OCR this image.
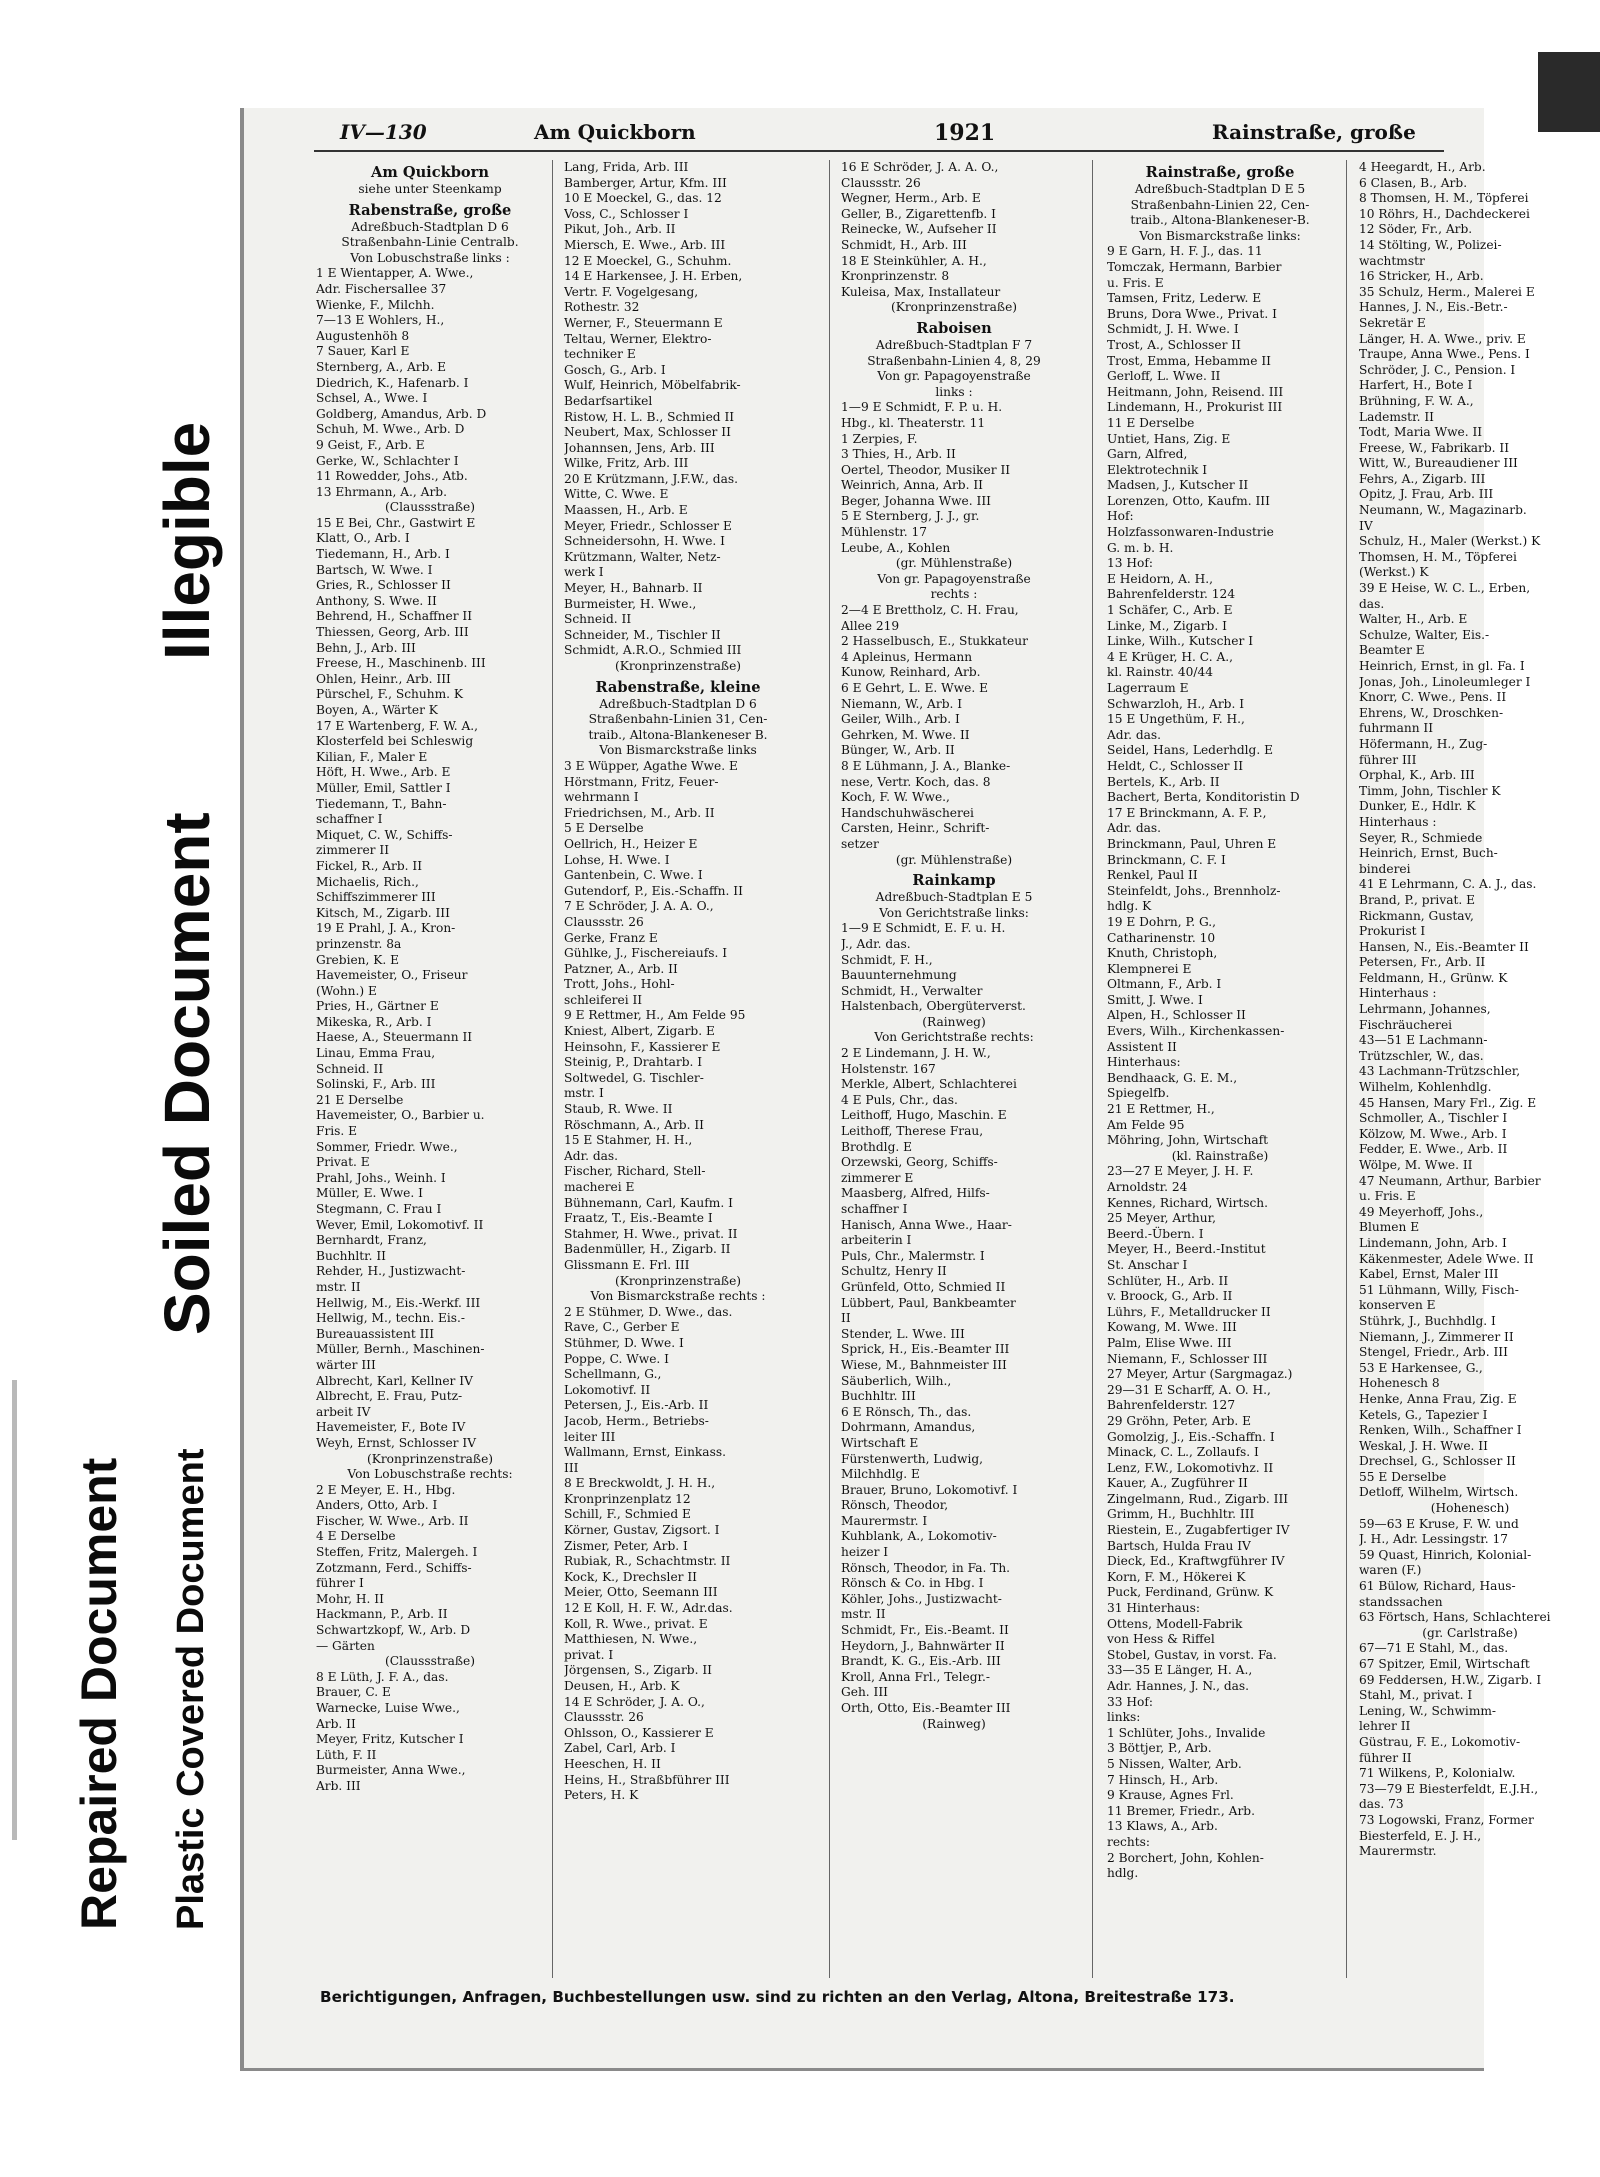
Illegible
Soiled Document
Repaired Document Plastic Covered Document
IV—130	Am Quickborn	1921	Rainstraße, große
Am Quickborn
siehe unter Steenkamp
Rabenstraße, große
Adreßbuch-Stadtplan D 6
Straßenbahn-Linie Centralb.
Von Lobuschstraße links :
1 E Wientapper, A. Wwe.,
Adr. Fischersallee 37
Wienke, F., Milchh.
7—13 E Wohlers, H.,
Augustenhöh 8
7 Sauer, Karl E
Sternberg, A., Arb. E
Diedrich, K., Hafenarb. I
Schsel, A., Wwe. I
Goldberg, Amandus, Arb. D
Schuh, M. Wwe., Arb. D
9 Geist, F., Arb. E
Gerke, W., Schlachter I
11 Rowedder, Johs., Atb.
13 Ehrmann, A., Arb.
(Claussstraße)
15 E Bei, Chr., Gastwirt E
Klatt, O., Arb. I
Tiedemann, H., Arb. I
Bartsch, W. Wwe. I
Gries, R., Schlosser II
Anthony, S. Wwe. II
Behrend, H., Schaffner II
Thiessen, Georg, Arb. III
Behn, J., Arb. III
Freese, H., Maschinenb. III
Ohlen, Heinr., Arb. III
Pürschel, F., Schuhm. K
Boyen, A., Wärter K
17 E Wartenberg, F. W. A.,
Klosterfeld bei Schleswig
Kilian, F., Maler E
Höft, H. Wwe., Arb. E
Müller, Emil, Sattler I
Tiedemann, T., Bahn-
schaffner I
Miquet, C. W., Schiffs-
zimmerer II
Fickel, R., Arb. II
Michaelis, Rich.,
Schiffszimmerer III
Kitsch, M., Zigarb. III
19 E Prahl, J. A., Kron-
prinzenstr. 8a
Grebien, K. E
Havemeister, O., Friseur
(Wohn.) E
Pries, H., Gärtner E
Mikeska, R., Arb. I
Haese, A., Steuermann II
Linau, Emma Frau,
Schneid. II
Solinski, F., Arb. III
21 E Derselbe
Havemeister, O., Barbier u.
Fris. E
Sommer, Friedr. Wwe.,
Privat. E
Prahl, Johs., Weinh. I
Müller, E. Wwe. I
Stegmann, C. Frau I
Wever, Emil, Lokomotivf. II
Bernhardt, Franz,
Buchhltr. II
Rehder, H., Justizwacht-
mstr. II
Hellwig, M., Eis.-Werkf. III
Hellwig, M., techn. Eis.-
Bureauassistent III
Müller, Bernh., Maschinen-
wärter III
Albrecht, Karl, Kellner IV
Albrecht, E. Frau, Putz-
arbeit IV
Havemeister, F., Bote IV
Weyh, Ernst, Schlosser IV
(Kronprinzenstraße)
Von Lobuschstraße rechts:
2 E Meyer, E. H., Hbg.
Anders, Otto, Arb. I
Fischer, W. Wwe., Arb. II
4 E Derselbe
Steffen, Fritz, Malergeh. I
Zotzmann, Ferd., Schiffs-
führer I
Mohr, H. II
Hackmann, P., Arb. II
Schwartzkopf, W., Arb. D
— Gärten
(Claussstraße)
8 E Lüth, J. F. A., das.
Brauer, C. E
Warnecke, Luise Wwe.,
Arb. II
Meyer, Fritz, Kutscher I
Lüth, F. II
Burmeister, Anna Wwe.,
Arb. III
Lang, Frida, Arb. III
Bamberger, Artur, Kfm. III
10 E Moeckel, G., das. 12
Voss, C., Schlosser I
Pikut, Joh., Arb. II
Miersch, E. Wwe., Arb. III
12 E Moeckel, G., Schuhm.
14 E Harkensee, J. H. Erben,
Vertr. F. Vogelgesang,
Rothestr. 32
Werner, F., Steuermann E
Teltau, Werner, Elektro-
techniker E
Gosch, G., Arb. I
Wulf, Heinrich, Möbelfabrik-
Bedarfsartikel
Ristow, H. L. B., Schmied II
Neubert, Max, Schlosser II
Johannsen, Jens, Arb. III
Wilke, Fritz, Arb. III
20 E Krützmann, J.F.W., das.
Witte, C. Wwe. E
Maassen, H., Arb. E
Meyer, Friedr., Schlosser E
Schneidersohn, H. Wwe. I
Krützmann, Walter, Netz-
werk I
Meyer, H., Bahnarb. II
Burmeister, H. Wwe.,
Schneid. II
Schneider, M., Tischler II
Schmidt, A.R.O., Schmied III
(Kronprinzenstraße)
Rabenstraße, kleine
Adreßbuch-Stadtplan D 6
Straßenbahn-Linien 31, Cen-
traib., Altona-Blankeneser B.
Von Bismarckstraße links
3 E Wüpper, Agathe Wwe. E
Hörstmann, Fritz, Feuer-
wehrmann I
Friedrichsen, M., Arb. II
5 E Derselbe
Oellrich, H., Heizer E
Lohse, H. Wwe. I
Gantenbein, C. Wwe. I
Gutendorf, P., Eis.-Schaffn. II
7 E Schröder, J. A. A. O.,
Claussstr. 26
Gerke, Franz E
Gühlke, J., Fischereiaufs. I
Patzner, A., Arb. II
Trott, Johs., Hohl-
schleiferei II
9 E Rettmer, H., Am Felde 95
Kniest, Albert, Zigarb. E
Heinsohn, F., Kassierer E
Steinig, P., Drahtarb. I
Soltwedel, G. Tischler-
mstr. I
Staub, R. Wwe. II
Röschmann, A., Arb. II
15 E Stahmer, H. H.,
Adr. das.
Fischer, Richard, Stell-
macherei E
Bühnemann, Carl, Kaufm. I
Fraatz, T., Eis.-Beamte I
Stahmer, H. Wwe., privat. II
Badenmüller, H., Zigarb. II
Glissmann E. Frl. III
(Kronprinzenstraße)
Von Bismarckstraße rechts :
2 E Stühmer, D. Wwe., das.
Rave, C., Gerber E
Stühmer, D. Wwe. I
Poppe, C. Wwe. I
Schellmann, G.,
Lokomotivf. II
Petersen, J., Eis.-Arb. II
Jacob, Herm., Betriebs-
leiter III
Wallmann, Ernst, Einkass.
III
8 E Breckwoldt, J. H. H.,
Kronprinzenplatz 12
Schill, F., Schmied E
Körner, Gustav, Zigsort. I
Zismer, Peter, Arb. I
Rubiak, R., Schachtmstr. II
Kock, K., Drechsler II
Meier, Otto, Seemann III
12 E Koll, H. F. W., Adr.das.
Koll, R. Wwe., privat. E
Matthiesen, N. Wwe.,
privat. I
Jörgensen, S., Zigarb. II
Deusen, H., Arb. K
14 E Schröder, J. A. O.,
Claussstr. 26
Ohlsson, O., Kassierer E
Zabel, Carl, Arb. I
Heeschen, H. II
Heins, H., Straßbführer III
Peters, H. K
16 E Schröder, J. A. A. O.,
Claussstr. 26
Wegner, Herm., Arb. E
Geller, B., Zigarettenfb. I
Reinecke, W., Aufseher II
Schmidt, H., Arb. III
18 E Steinkühler, A. H.,
Kronprinzenstr. 8
Kuleisa, Max, Installateur
(Kronprinzenstraße)
Raboisen
Adreßbuch-Stadtplan F 7
Straßenbahn-Linien 4, 8, 29
Von gr. Papagoyenstraße
links :
1—9 E Schmidt, F. P. u. H.
Hbg., kl. Theaterstr. 11
1 Zerpies, F.
3 Thies, H., Arb. II
Oertel, Theodor, Musiker II
Weinrich, Anna, Arb. II
Beger, Johanna Wwe. III
5 E Sternberg, J. J., gr.
Mühlenstr. 17
Leube, A., Kohlen
(gr. Mühlenstraße)
Von gr. Papagoyenstraße
rechts :
2—4 E Brettholz, C. H. Frau,
Allee 219
2 Hasselbusch, E., Stukkateur
4 Apleinus, Hermann
Kunow, Reinhard, Arb.
6 E Gehrt, L. E. Wwe. E
Niemann, W., Arb. I
Geiler, Wilh., Arb. I
Gehrken, M. Wwe. II
Bünger, W., Arb. II
8 E Lühmann, J. A., Blanke-
nese, Vertr. Koch, das. 8
Koch, F. W. Wwe.,
Handschuhwäscherei
Carsten, Heinr., Schrift-
setzer
(gr. Mühlenstraße)
Rainkamp
Adreßbuch-Stadtplan E 5
Von Gerichtstraße links:
1—9 E Schmidt, E. F. u. H.
J., Adr. das.
Schmidt, F. H.,
Bauunternehmung
Schmidt, H., Verwalter
Halstenbach, Obergüterverst.
(Rainweg)
Von Gerichtstraße rechts:
2 E Lindemann, J. H. W.,
Holstenstr. 167
Merkle, Albert, Schlachterei
4 E Puls, Chr., das.
Leithoff, Hugo, Maschin. E
Leithoff, Therese Frau,
Brothdlg. E
Orzewski, Georg, Schiffs-
zimmerer E
Maasberg, Alfred, Hilfs-
schaffner I
Hanisch, Anna Wwe., Haar-
arbeiterin I
Puls, Chr., Malermstr. I
Schultz, Henry II
Grünfeld, Otto, Schmied II
Lübbert, Paul, Bankbeamter
II
Stender, L. Wwe. III
Sprick, H., Eis.-Beamter III
Wiese, M., Bahnmeister III
Säuberlich, Wilh.,
Buchhltr. III
6 E Rönsch, Th., das.
Dohrmann, Amandus,
Wirtschaft E
Fürstenwerth, Ludwig,
Milchhdlg. E
Brauer, Bruno, Lokomotivf. I
Rönsch, Theodor,
Maurermstr. I
Kuhblank, A., Lokomotiv-
heizer I
Rönsch, Theodor, in Fa. Th.
Rönsch & Co. in Hbg. I
Köhler, Johs., Justizwacht-
mstr. II
Schmidt, Fr., Eis.-Beamt. II
Heydorn, J., Bahnwärter II
Brandt, K. G., Eis.-Arb. III
Kroll, Anna Frl., Telegr.-
Geh. III
Orth, Otto, Eis.-Beamter III
(Rainweg)
Rainstraße, große
Adreßbuch-Stadtplan D E 5
Straßenbahn-Linien 22, Cen-
traib., Altona-Blankeneser-B.
Von Bismarckstraße links:
9 E Garn, H. F. J., das. 11
Tomczak, Hermann, Barbier
u. Fris. E
Tamsen, Fritz, Lederw. E
Bruns, Dora Wwe., Privat. I
Schmidt, J. H. Wwe. I
Trost, A., Schlosser II
Trost, Emma, Hebamme II
Gerloff, L. Wwe. II
Heitmann, John, Reisend. III
Lindemann, H., Prokurist III
11 E Derselbe
Untiet, Hans, Zig. E
Garn, Alfred,
Elektrotechnik I
Madsen, J., Kutscher II
Lorenzen, Otto, Kaufm. III
Hof:
Holzfassonwaren-Industrie
G. m. b. H.
13 Hof:
E Heidorn, A. H.,
Bahrenfelderstr. 124
1 Schäfer, C., Arb. E
Linke, M., Zigarb. I
Linke, Wilh., Kutscher I
4 E Krüger, H. C. A.,
kl. Rainstr. 40/44
Lagerraum E
Schwarzloh, H., Arb. I
15 E Ungethüm, F. H.,
Adr. das.
Seidel, Hans, Lederhdlg. E
Heldt, C., Schlosser II
Bertels, K., Arb. II
Bachert, Berta, Konditoristin D
17 E Brinckmann, A. F. P.,
Adr. das.
Brinckmann, Paul, Uhren E
Brinckmann, C. F. I
Renkel, Paul II
Steinfeldt, Johs., Brennholz-
hdlg. K
19 E Dohrn, P. G.,
Catharinenstr. 10
Knuth, Christoph,
Klempnerei E
Oltmann, F., Arb. I
Smitt, J. Wwe. I
Alpen, H., Schlosser II
Evers, Wilh., Kirchenkassen-
Assistent II
Hinterhaus:
Bendhaack, G. E. M.,
Spiegelfb.
21 E Rettmer, H.,
Am Felde 95
Möhring, John, Wirtschaft
(kl. Rainstraße)
23—27 E Meyer, J. H. F.
Arnoldstr. 24
Kennes, Richard, Wirtsch.
25 Meyer, Arthur,
Beerd.-Übern. I
Meyer, H., Beerd.-Institut
St. Anschar I
Schlüter, H., Arb. II
v. Broock, G., Arb. II
Lührs, F., Metalldrucker II
Kowang, M. Wwe. III
Palm, Elise Wwe. III
Niemann, F., Schlosser III
27 Meyer, Artur (Sargmagaz.)
29—31 E Scharff, A. O. H.,
Bahrenfelderstr. 127
29 Gröhn, Peter, Arb. E
Gomolzig, J., Eis.-Schaffn. I
Minack, C. L., Zollaufs. I
Lenz, F.W., Lokomotivhz. II
Kauer, A., Zugführer II
Zingelmann, Rud., Zigarb. III
Grimm, H., Buchhltr. III
Riestein, E., Zugabfertiger IV
Bartsch, Hulda Frau IV
Dieck, Ed., Kraftwgführer IV
Korn, F. M., Hökerei K
Puck, Ferdinand, Grünw. K
31 Hinterhaus:
Ottens, Modell-Fabrik
von Hess & Riffel
Stobel, Gustav, in vorst. Fa.
33—35 E Länger, H. A.,
Adr. Hannes, J. N., das.
33 Hof:
links:
1 Schlüter, Johs., Invalide
3 Böttjer, P., Arb.
5 Nissen, Walter, Arb.
7 Hinsch, H., Arb.
9 Krause, Agnes Frl.
11 Bremer, Friedr., Arb.
13 Klaws, A., Arb.
rechts:
2 Borchert, John, Kohlen-
hdlg.
4 Heegardt, H., Arb.
6 Clasen, B., Arb.
8 Thomsen, H. M., Töpferei
10 Röhrs, H., Dachdeckerei
12 Söder, Fr., Arb.
14 Stölting, W., Polizei-
wachtmstr
16 Stricker, H., Arb.
35 Schulz, Herm., Malerei E
Hannes, J. N., Eis.-Betr.-
Sekretär E
Länger, H. A. Wwe., priv. E
Traupe, Anna Wwe., Pens. I
Schröder, J. C., Pension. I
Harfert, H., Bote I
Brühning, F. W. A.,
Lademstr. II
Todt, Maria Wwe. II
Freese, W., Fabrikarb. II
Witt, W., Bureaudiener III
Fehrs, A., Zigarb. III
Opitz, J. Frau, Arb. III
Neumann, W., Magazinarb.
IV
Schulz, H., Maler (Werkst.) K
Thomsen, H. M., Töpferei
(Werkst.) K
39 E Heise, W. C. L., Erben,
das.
Walter, H., Arb. E
Schulze, Walter, Eis.-
Beamter E
Heinrich, Ernst, in gl. Fa. I
Jonas, Joh., Linoleumleger I
Knorr, C. Wwe., Pens. II
Ehrens, W., Droschken-
fuhrmann II
Höfermann, H., Zug-
führer III
Orphal, K., Arb. III
Timm, John, Tischler K
Dunker, E., Hdlr. K
Hinterhaus :
Seyer, R., Schmiede
Heinrich, Ernst, Buch-
binderei
41 E Lehrmann, C. A. J., das.
Brand, P., privat. E
Rickmann, Gustav,
Prokurist I
Hansen, N., Eis.-Beamter II
Petersen, Fr., Arb. II
Feldmann, H., Grünw. K
Hinterhaus :
Lehrmann, Johannes,
Fischräucherei
43—51 E Lachmann-
Trützschler, W., das.
43 Lachmann-Trützschler,
Wilhelm, Kohlenhdlg.
45 Hansen, Mary Frl., Zig. E
Schmoller, A., Tischler I
Kölzow, M. Wwe., Arb. I
Fedder, E. Wwe., Arb. II
Wölpe, M. Wwe. II
47 Neumann, Arthur, Barbier
u. Fris. E
49 Meyerhoff, Johs.,
Blumen E
Lindemann, John, Arb. I
Käkenmester, Adele Wwe. II
Kabel, Ernst, Maler III
51 Lühmann, Willy, Fisch-
konserven E
Stührk, J., Buchhdlg. I
Niemann, J., Zimmerer II
Stengel, Friedr., Arb. III
53 E Harkensee, G.,
Hohenesch 8
Henke, Anna Frau, Zig. E
Ketels, G., Tapezier I
Renken, Wilh., Schaffner I
Weskal, J. H. Wwe. II
Drechsel, G., Schlosser II
55 E Derselbe
Detloff, Wilhelm, Wirtsch.
(Hohenesch)
59—63 E Kruse, F. W. und
J. H., Adr. Lessingstr. 17
59 Quast, Hinrich, Kolonial-
waren (F.)
61 Bülow, Richard, Haus-
standssachen
63 Förtsch, Hans, Schlachterei
(gr. Carlstraße)
67—71 E Stahl, M., das.
67 Spitzer, Emil, Wirtschaft
69 Feddersen, H.W., Zigarb. I
Stahl, M., privat. I
Lening, W., Schwimm-
lehrer II
Güstrau, F. E., Lokomotiv-
führer II
71 Wilkens, P., Kolonialw.
73—79 E Biesterfeldt, E.J.H.,
das. 73
73 Logowski, Franz, Former
Biesterfeld, E. J. H.,
Maurermstr.
Berichtigungen, Anfragen, Buchbestellungen usw. sind zu richten an den Verlag, Altona, Breitestraße 173.
